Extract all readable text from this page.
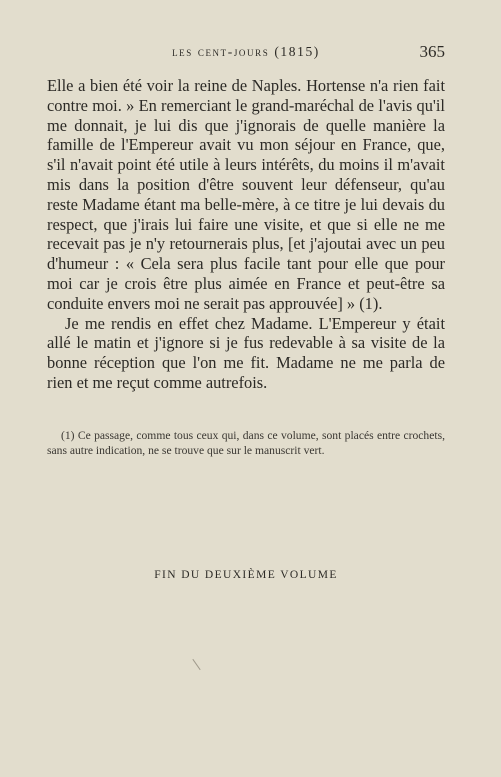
les cent-jours (1815)	365

Elle a bien été voir la reine de Naples. Hortense n'a rien fait contre moi. » En remerciant le grand-maréchal de l'avis qu'il me donnait, je lui dis que j'ignorais de quelle manière la famille de l'Empereur avait vu mon séjour en France, que, s'il n'avait point été utile à leurs intérêts, du moins il m'avait mis dans la position d'être souvent leur défenseur, qu'au reste Madame étant ma belle-mère, à ce titre je lui devais du respect, que j'irais lui faire une visite, et que si elle ne me recevait pas je n'y retournerais plus, [et j'ajoutai avec un peu d'humeur : « Cela sera plus facile tant pour elle que pour moi car je crois être plus aimée en France et peut-être sa conduite envers moi ne serait pas approuvée] » (1).

Je me rendis en effet chez Madame. L'Empereur y était allé le matin et j'ignore si je fus redevable à sa visite de la bonne réception que l'on me fit. Madame ne me parla de rien et me reçut comme autrefois.

(1) Ce passage, comme tous ceux qui, dans ce volume, sont placés entre crochets, sans autre indication, ne se trouve que sur le manuscrit vert.
FIN DU DEUXIÈME VOLUME
